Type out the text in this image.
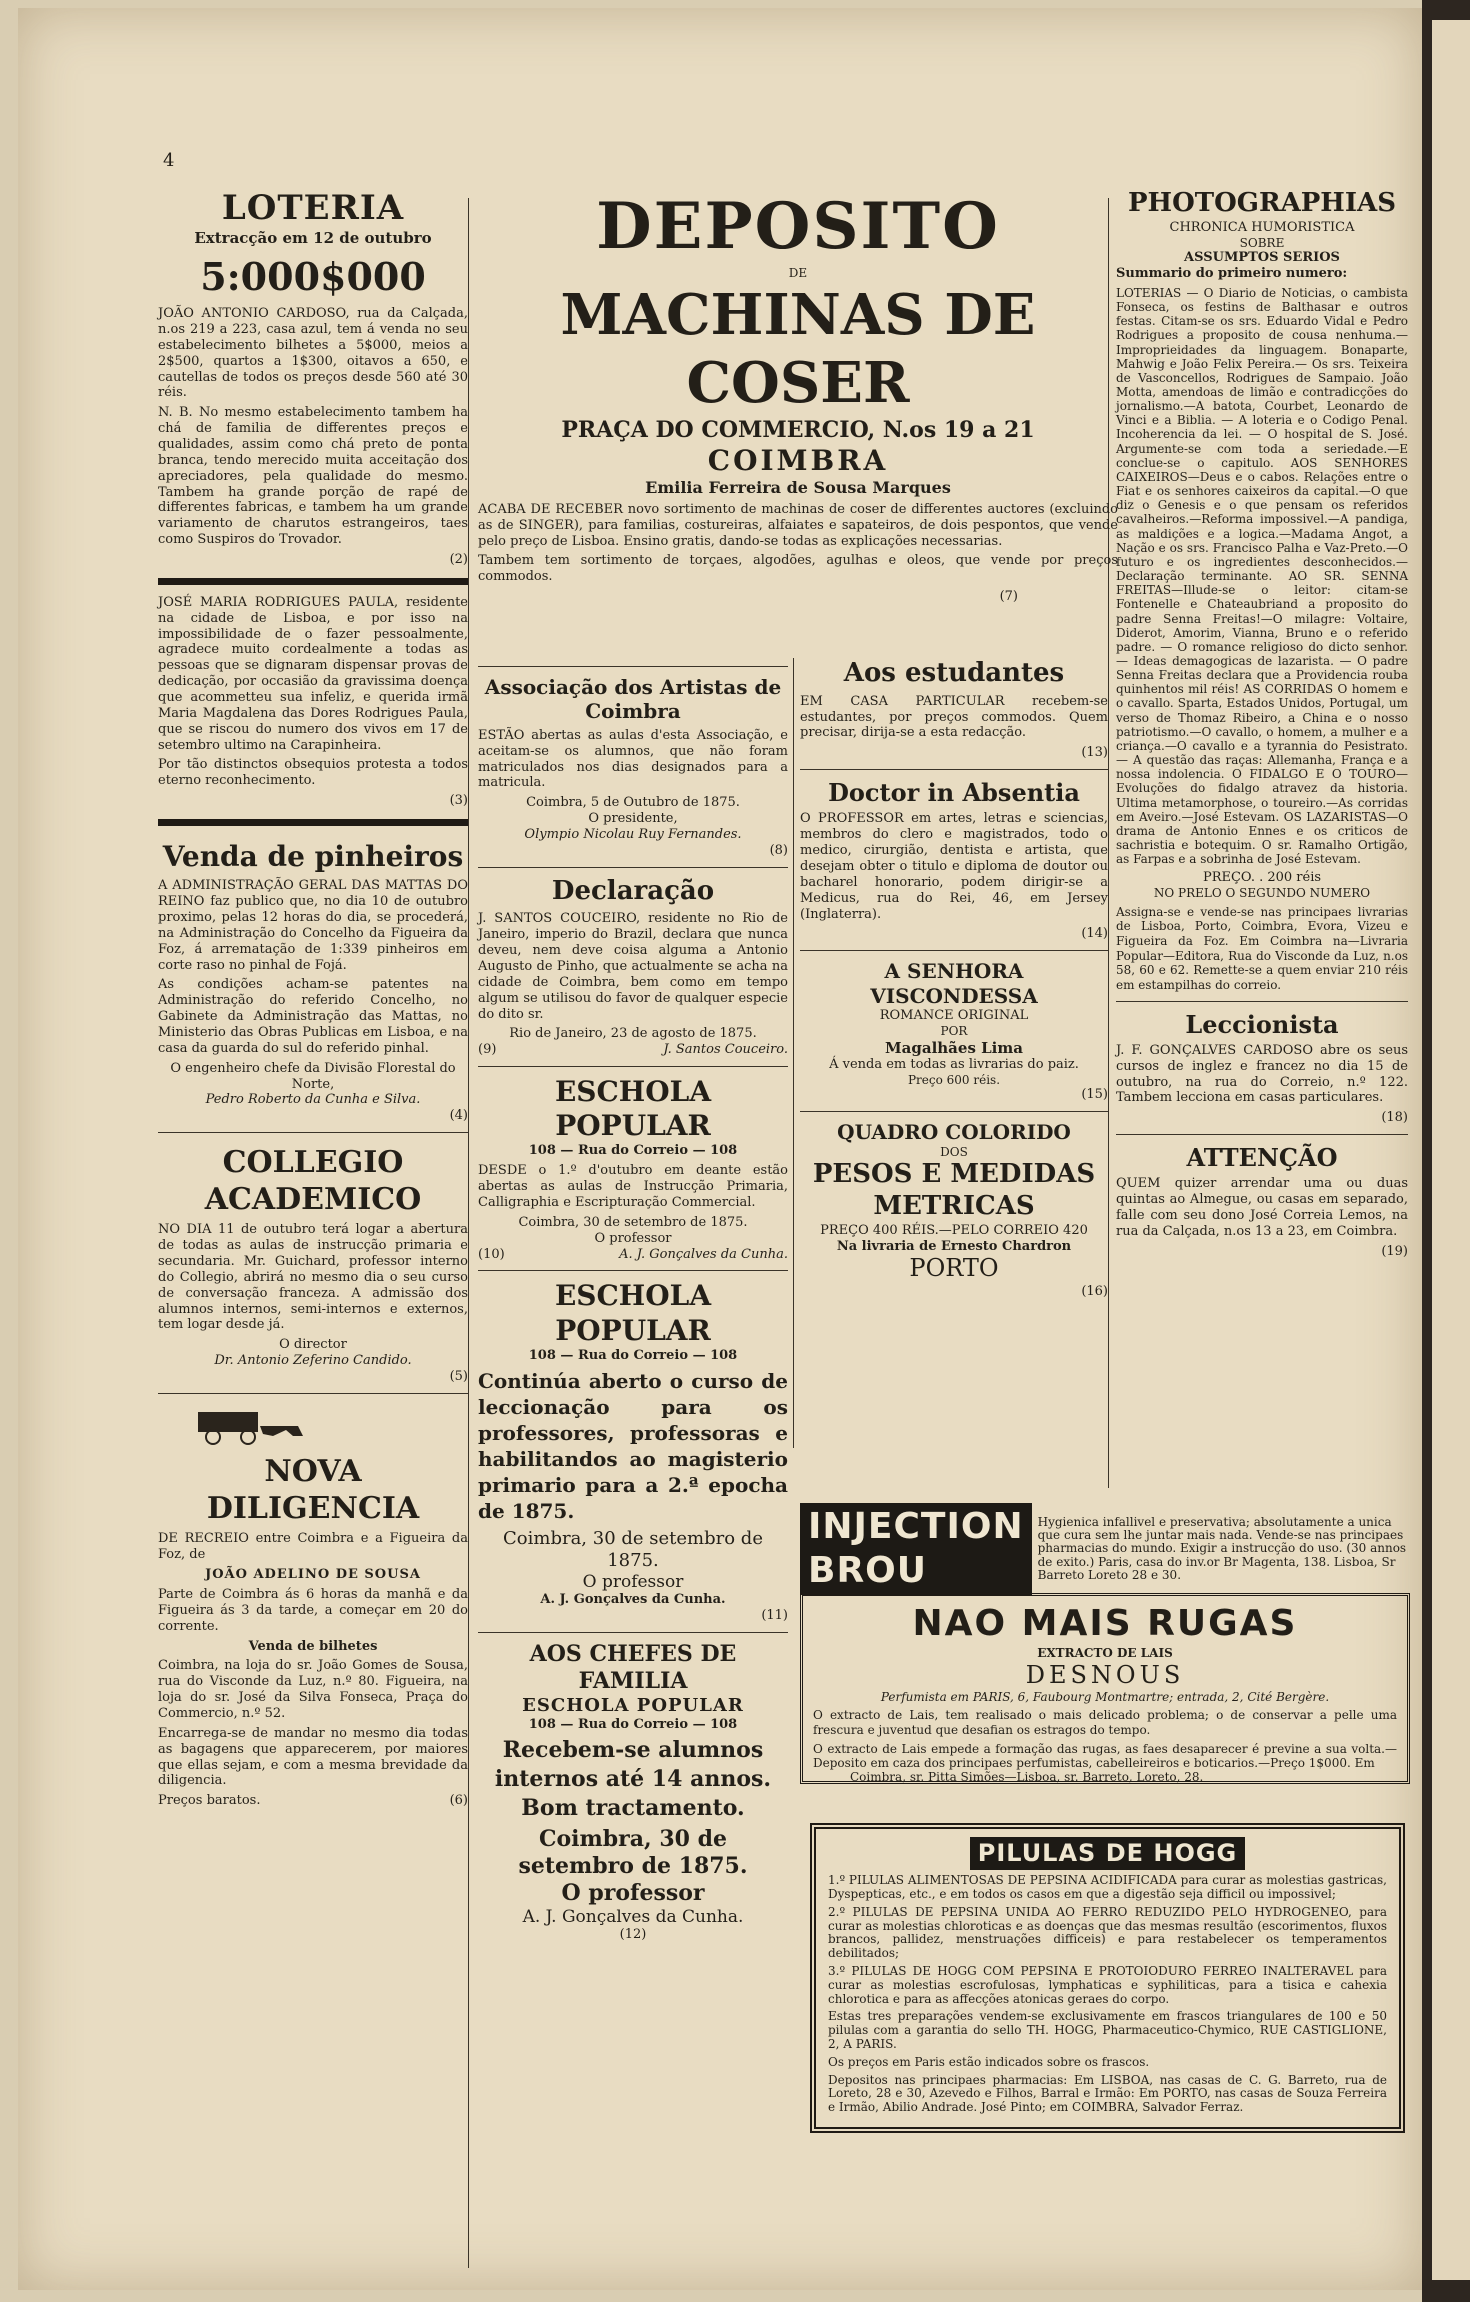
4
LOTERIA
Extracção em 12 de outubro
5:000$000

JOÃO ANTONIO CARDOSO, rua da Calçada, n.os 219 a 223, casa azul, tem á venda no seu estabelecimento bilhetes a 5$000, meios a 2$500, quartos a 1$300, oitavos a 650, e cautellas de todos os preços desde 560 até 30 réis.

N. B. No mesmo estabelecimento tambem ha chá de familia de differentes preços e qualidades, assim como chá preto de ponta branca, tendo merecido muita acceitação dos apreciadores, pela qualidade do mesmo. Tambem ha grande porção de rapé de differentes fabricas, e tambem ha um grande variamento de charutos estrangeiros, taes como Suspiros do Trovador.

(2)

JOSÉ MARIA RODRIGUES PAULA, residente na cidade de Lisboa, e por isso na impossibilidade de o fazer pessoalmente, agradece muito cordealmente a todas as pessoas que se dignaram dispensar provas de dedicação, por occasião da gravissima doença que acommetteu sua infeliz, e querida irmã Maria Magdalena das Dores Rodrigues Paula, que se riscou do numero dos vivos em 17 de setembro ultimo na Carapinheira.

Por tão distinctos obsequios protesta a todos eterno reconhecimento.

(3)
Venda de pinheiros

A ADMINISTRAÇÃO GERAL DAS MATTAS DO REINO faz publico que, no dia 10 de outubro proximo, pelas 12 horas do dia, se procederá, na Administração do Concelho da Figueira da Foz, á arrematação de 1:339 pinheiros em corte raso no pinhal de Fojá.

As condições acham-se patentes na Administração do referido Concelho, no Gabinete da Administração das Mattas, no Ministerio das Obras Publicas em Lisboa, e na casa da guarda do sul do referido pinhal.

O engenheiro chefe da Divisão Florestal do Norte,
Pedro Roberto da Cunha e Silva.
(4)
COLLEGIO ACADEMICO

NO DIA 11 de outubro terá logar a abertura de todas as aulas de instrucção primaria e secundaria. Mr. Guichard, professor interno do Collegio, abrirá no mesmo dia o seu curso de conversação franceza. A admissão dos alumnos internos, semi-internos e externos, tem logar desde já.

O director
Dr. Antonio Zeferino Candido.
(5)
NOVA DILIGENCIA

DE RECREIO entre Coimbra e a Figueira da Foz, de

JOÃO ADELINO DE SOUSA

Parte de Coimbra ás 6 horas da manhã e da Figueira ás 3 da tarde, a começar em 20 do corrente.

Venda de bilhetes

Coimbra, na loja do sr. João Gomes de Sousa, rua do Visconde da Luz, n.º 80. Figueira, na loja do sr. José da Silva Fonseca, Praça do Commercio, n.º 52.

Encarrega-se de mandar no mesmo dia todas as bagagens que apparecerem, por maiores que ellas sejam, e com a mesma brevidade da diligencia.

Preços baratos.	(6)
DEPOSITO
DE
MACHINAS DE COSER
PRAÇA DO COMMERCIO, N.os 19 a 21
COIMBRA
Emilia Ferreira de Sousa Marques

ACABA DE RECEBER novo sortimento de machinas de coser de differentes auctores (excluindo as de SINGER), para familias, costureiras, alfaiates e sapateiros, de dois pespontos, que vende pelo preço de Lisboa. Ensino gratis, dando-se todas as explicações necessarias.

Tambem tem sortimento de torçaes, algodões, agulhas e oleos, que vende por preços commodos.

(7)
Associação dos Artistas de Coimbra

ESTÃO abertas as aulas d'esta Associação, e aceitam-se os alumnos, que não foram matriculados nos dias designados para a matricula.

Coimbra, 5 de Outubro de 1875.
O presidente,
Olympio Nicolau Ruy Fernandes.
(8)
Declaração

J. SANTOS COUCEIRO, residente no Rio de Janeiro, imperio do Brazil, declara que nunca deveu, nem deve coisa alguma a Antonio Augusto de Pinho, que actualmente se acha na cidade de Coimbra, bem como em tempo algum se utilisou do favor de qualquer especie do dito sr.

Rio de Janeiro, 23 de agosto de 1875.
(9)	J. Santos Couceiro.
ESCHOLA POPULAR
108 — Rua do Correio — 108

DESDE o 1.º d'outubro em deante estão abertas as aulas de Instrucção Primaria, Calligraphia e Escripturação Commercial.

Coimbra, 30 de setembro de 1875.
O professor
(10)	A. J. Gonçalves da Cunha.
ESCHOLA POPULAR
108 — Rua do Correio — 108

Continúa aberto o curso de leccionação para os professores, professoras e habilitandos ao magisterio primario para a 2.ª epocha de 1875.

Coimbra, 30 de setembro de 1875.
O professor
A. J. Gonçalves da Cunha.
(11)
AOS CHEFES DE FAMILIA
ESCHOLA POPULAR
108 — Rua do Correio — 108

Recebem-se alumnos internos até 14 annos. Bom tractamento.

Coimbra, 30 de setembro de 1875.
O professor
A. J. Gonçalves da Cunha.
(12)
Aos estudantes

EM CASA PARTICULAR recebem-se estudantes, por preços commodos. Quem precisar, dirija-se a esta redacção.

(13)
Doctor in Absentia

O PROFESSOR em artes, letras e sciencias, membros do clero e magistrados, todo o medico, cirurgião, dentista e artista, que desejam obter o titulo e diploma de doutor ou bacharel honorario, podem dirigir-se a Medicus, rua do Rei, 46, em Jersey (Inglaterra).

(14)
A SENHORA VISCONDESSA
ROMANCE ORIGINAL
POR
Magalhães Lima
Á venda em todas as livrarias do paiz.
Preço 600 réis.
(15)
QUADRO COLORIDO
DOS
PESOS E MEDIDAS METRICAS
PREÇO 400 RÉIS.—PELO CORREIO 420
Na livraria de Ernesto Chardron
PORTO
(16)
PHOTOGRAPHIAS
CHRONICA HUMORISTICA
SOBRE
ASSUMPTOS SERIOS
Summario do primeiro numero:

LOTERIAS — O Diario de Noticias, o cambista Fonseca, os festins de Balthasar e outros festas. Citam-se os srs. Eduardo Vidal e Pedro Rodrigues a proposito de cousa nenhuma.— Improprieidades da linguagem. Bonaparte, Mahwig e João Felix Pereira.— Os srs. Teixeira de Vasconcellos, Rodrigues de Sampaio. João Motta, amendoas de limão e contradicções do jornalismo.—A batota, Courbet, Leonardo de Vinci e a Biblia. — A loteria e o Codigo Penal. Incoherencia da lei. — O hospital de S. José. Argumente-se com toda a seriedade.—E conclue-se o capitulo. AOS SENHORES CAIXEIROS—Deus e o cabos. Relações entre o Fiat e os senhores caixeiros da capital.—O que diz o Genesis e o que pensam os referidos cavalheiros.—Reforma impossivel.—A pandiga, as maldições e a logica.—Madama Angot, a Nação e os srs. Francisco Palha e Vaz-Preto.—O futuro e os ingredientes desconhecidos.—Declaração terminante. AO SR. SENNA FREITAS—Illude-se o leitor: citam-se Fontenelle e Chateaubriand a proposito do padre Senna Freitas!—O milagre: Voltaire, Diderot, Amorim, Vianna, Bruno e o referido padre. — O romance religioso do dicto senhor. — Ideas demagogicas de lazarista. — O padre Senna Freitas declara que a Providencia rouba quinhentos mil réis! AS CORRIDAS O homem e o cavallo. Sparta, Estados Unidos, Portugal, um verso de Thomaz Ribeiro, a China e o nosso patriotismo.—O cavallo, o homem, a mulher e a criança.—O cavallo e a tyrannia do Pesistrato. — A questão das raças: Allemanha, França e a nossa indolencia. O FIDALGO E O TOURO— Evoluções do fidalgo atravez da historia. Ultima metamorphose, o toureiro.—As corridas em Aveiro.—José Estevam. OS LAZARISTAS—O drama de Antonio Ennes e os criticos de sachristia e botequim. O sr. Ramalho Ortigão, as Farpas e a sobrinha de José Estevam.

PREÇO. . 200 réis
NO PRELO O SEGUNDO NUMERO

Assigna-se e vende-se nas principaes livrarias de Lisboa, Porto, Coimbra, Evora, Vizeu e Figueira da Foz. Em Coimbra na—Livraria Popular—Editora, Rua do Visconde da Luz, n.os 58, 60 e 62. Remette-se a quem enviar 210 réis em estampilhas do correio.

Leccionista

J. F. GONÇALVES CARDOSO abre os seus cursos de inglez e francez no dia 15 de outubro, na rua do Correio, n.º 122. Tambem lecciona em casas particulares.

(18)
ATTENÇÃO

QUEM quizer arrendar uma ou duas quintas ao Almegue, ou casas em separado, falle com seu dono José Correia Lemos, na rua da Calçada, n.os 13 a 23, em Coimbra.

(19)
INJECTION BROU
Hygienica infallivel e preservativa; absolutamente a unica que cura sem lhe juntar mais nada. Vende-se nas principaes pharmacias do mundo. Exigir a instrucção do uso. (30 annos de exito.) Paris, casa do inv.or Br Magenta, 138. Lisboa, Sr Barreto Loreto 28 e 30.
NAO MAIS RUGAS
EXTRACTO DE LAIS
DESNOUS
Perfumista em PARIS, 6, Faubourg Montmartre; entrada, 2, Cité Bergère.

O extracto de Lais, tem realisado o mais delicado problema; o de conservar a pelle uma frescura e juventud que desafian os estragos do tempo.

O extracto de Lais empede a formação das rugas, as faes desaparecer é previne a sua volta.—Deposito em caza dos principaes perfumistas, cabelleireiros e boticarios.—Preço 1$000. Em

Coimbra, sr. Pitta Simões—Lisboa, sr. Barreto, Loreto, 28.
PILULAS DE HOGG

1.º PILULAS ALIMENTOSAS DE PEPSINA ACIDIFICADA para curar as molestias gastricas, Dyspepticas, etc., e em todos os casos em que a digestão seja difficil ou impossivel;

2.º PILULAS DE PEPSINA UNIDA AO FERRO REDUZIDO PELO HYDROGENEO, para curar as molestias chloroticas e as doenças que das mesmas resultão (escorimentos, fluxos brancos, pallidez, menstruações difficeis) e para restabelecer os temperamentos debilitados;

3.º PILULAS DE HOGG COM PEPSINA E PROTOIODURO FERREO INALTERAVEL para curar as molestias escrofulosas, lymphaticas e syphiliticas, para a tisica e cahexia chlorotica e para as affecções atonicas geraes do corpo.

Estas tres preparações vendem-se exclusivamente em frascos triangulares de 100 e 50 pilulas com a garantia do sello TH. HOGG, Pharmaceutico-Chymico, RUE CASTIGLIONE, 2, A PARIS.

Os preços em Paris estão indicados sobre os frascos.

Depositos nas principaes pharmacias: Em LISBOA, nas casas de C. G. Barreto, rua de Loreto, 28 e 30, Azevedo e Filhos, Barral e Irmão: Em PORTO, nas casas de Souza Ferreira e Irmão, Abilio Andrade. José Pinto; em COIMBRA, Salvador Ferraz.
